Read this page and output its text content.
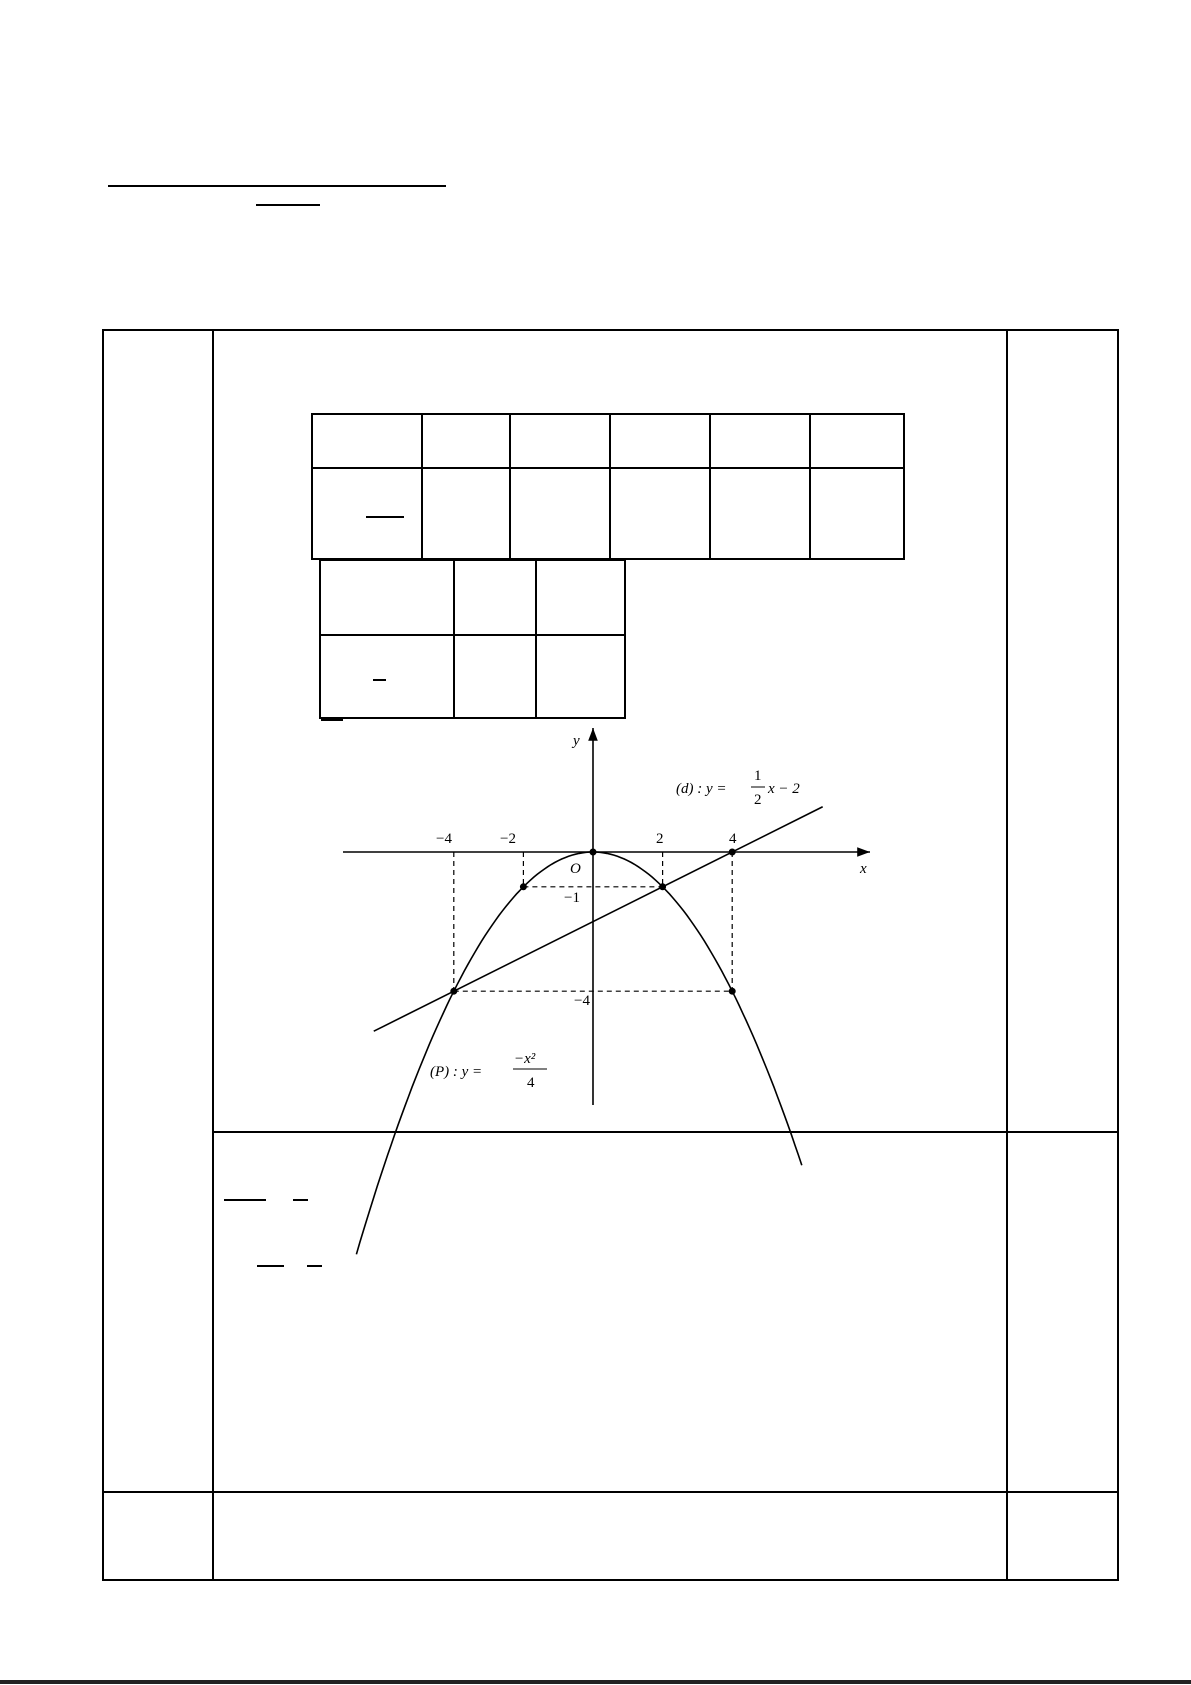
−4	−2
O
2	4
−1
−4
x
y
(d) : y =
1
2
x − 2
(P) : y =
−x²
4
